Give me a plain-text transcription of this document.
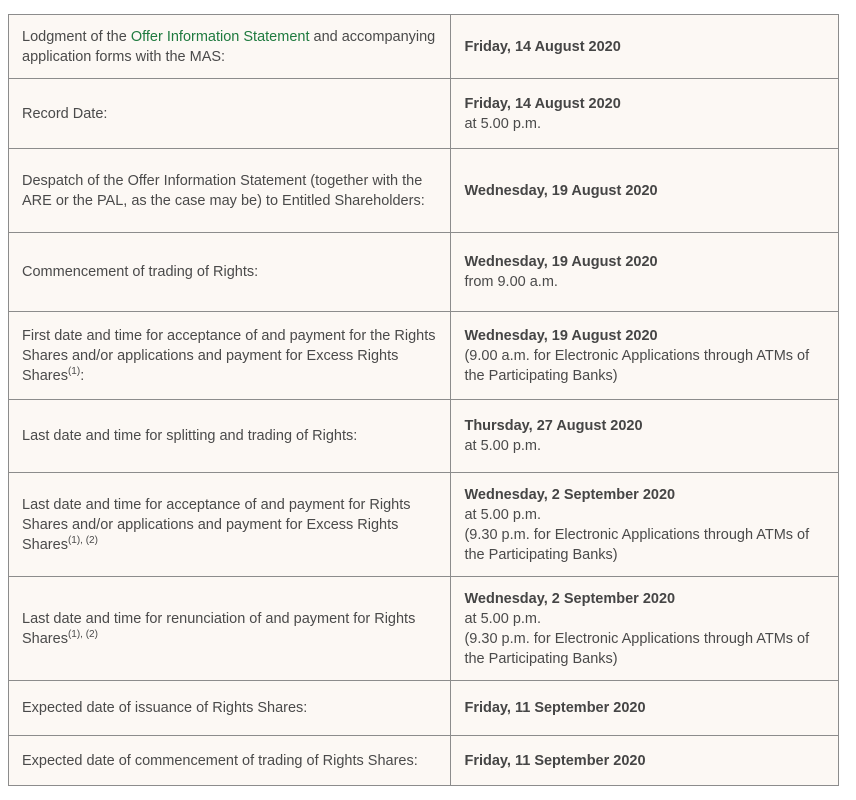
Lodgment of the Offer Information Statement and accompanying application forms with the MAS:	Friday, 14 August 2020

Record Date:	Friday, 14 August 2020
at 5.00 p.m.

Despatch of the Offer Information Statement (together with the ARE or the PAL, as the case may be) to Entitled Shareholders:	Wednesday, 19 August 2020

Commencement of trading of Rights:	Wednesday, 19 August 2020
from 9.00 a.m.

First date and time for acceptance of and payment for the Rights Shares and/or applications and payment for Excess Rights Shares$^{(1)}$:	Wednesday, 19 August 2020
(9.00 a.m. for Electronic Applications through ATMs of the Participating Banks)

Last date and time for splitting and trading of Rights:	Thursday, 27 August 2020
at 5.00 p.m.

Last date and time for acceptance of and payment for Rights Shares and/or applications and payment for Excess Rights Shares$^{(1), (2)}$	Wednesday, 2 September 2020
at 5.00 p.m.
(9.30 p.m. for Electronic Applications through ATMs of the Participating Banks)

Last date and time for renunciation of and payment for Rights Shares$^{(1), (2)}$	Wednesday, 2 September 2020
at 5.00 p.m.
(9.30 p.m. for Electronic Applications through ATMs of the Participating Banks)

Expected date of issuance of Rights Shares:	Friday, 11 September 2020

Expected date of commencement of trading of Rights Shares:	Friday, 11 September 2020
